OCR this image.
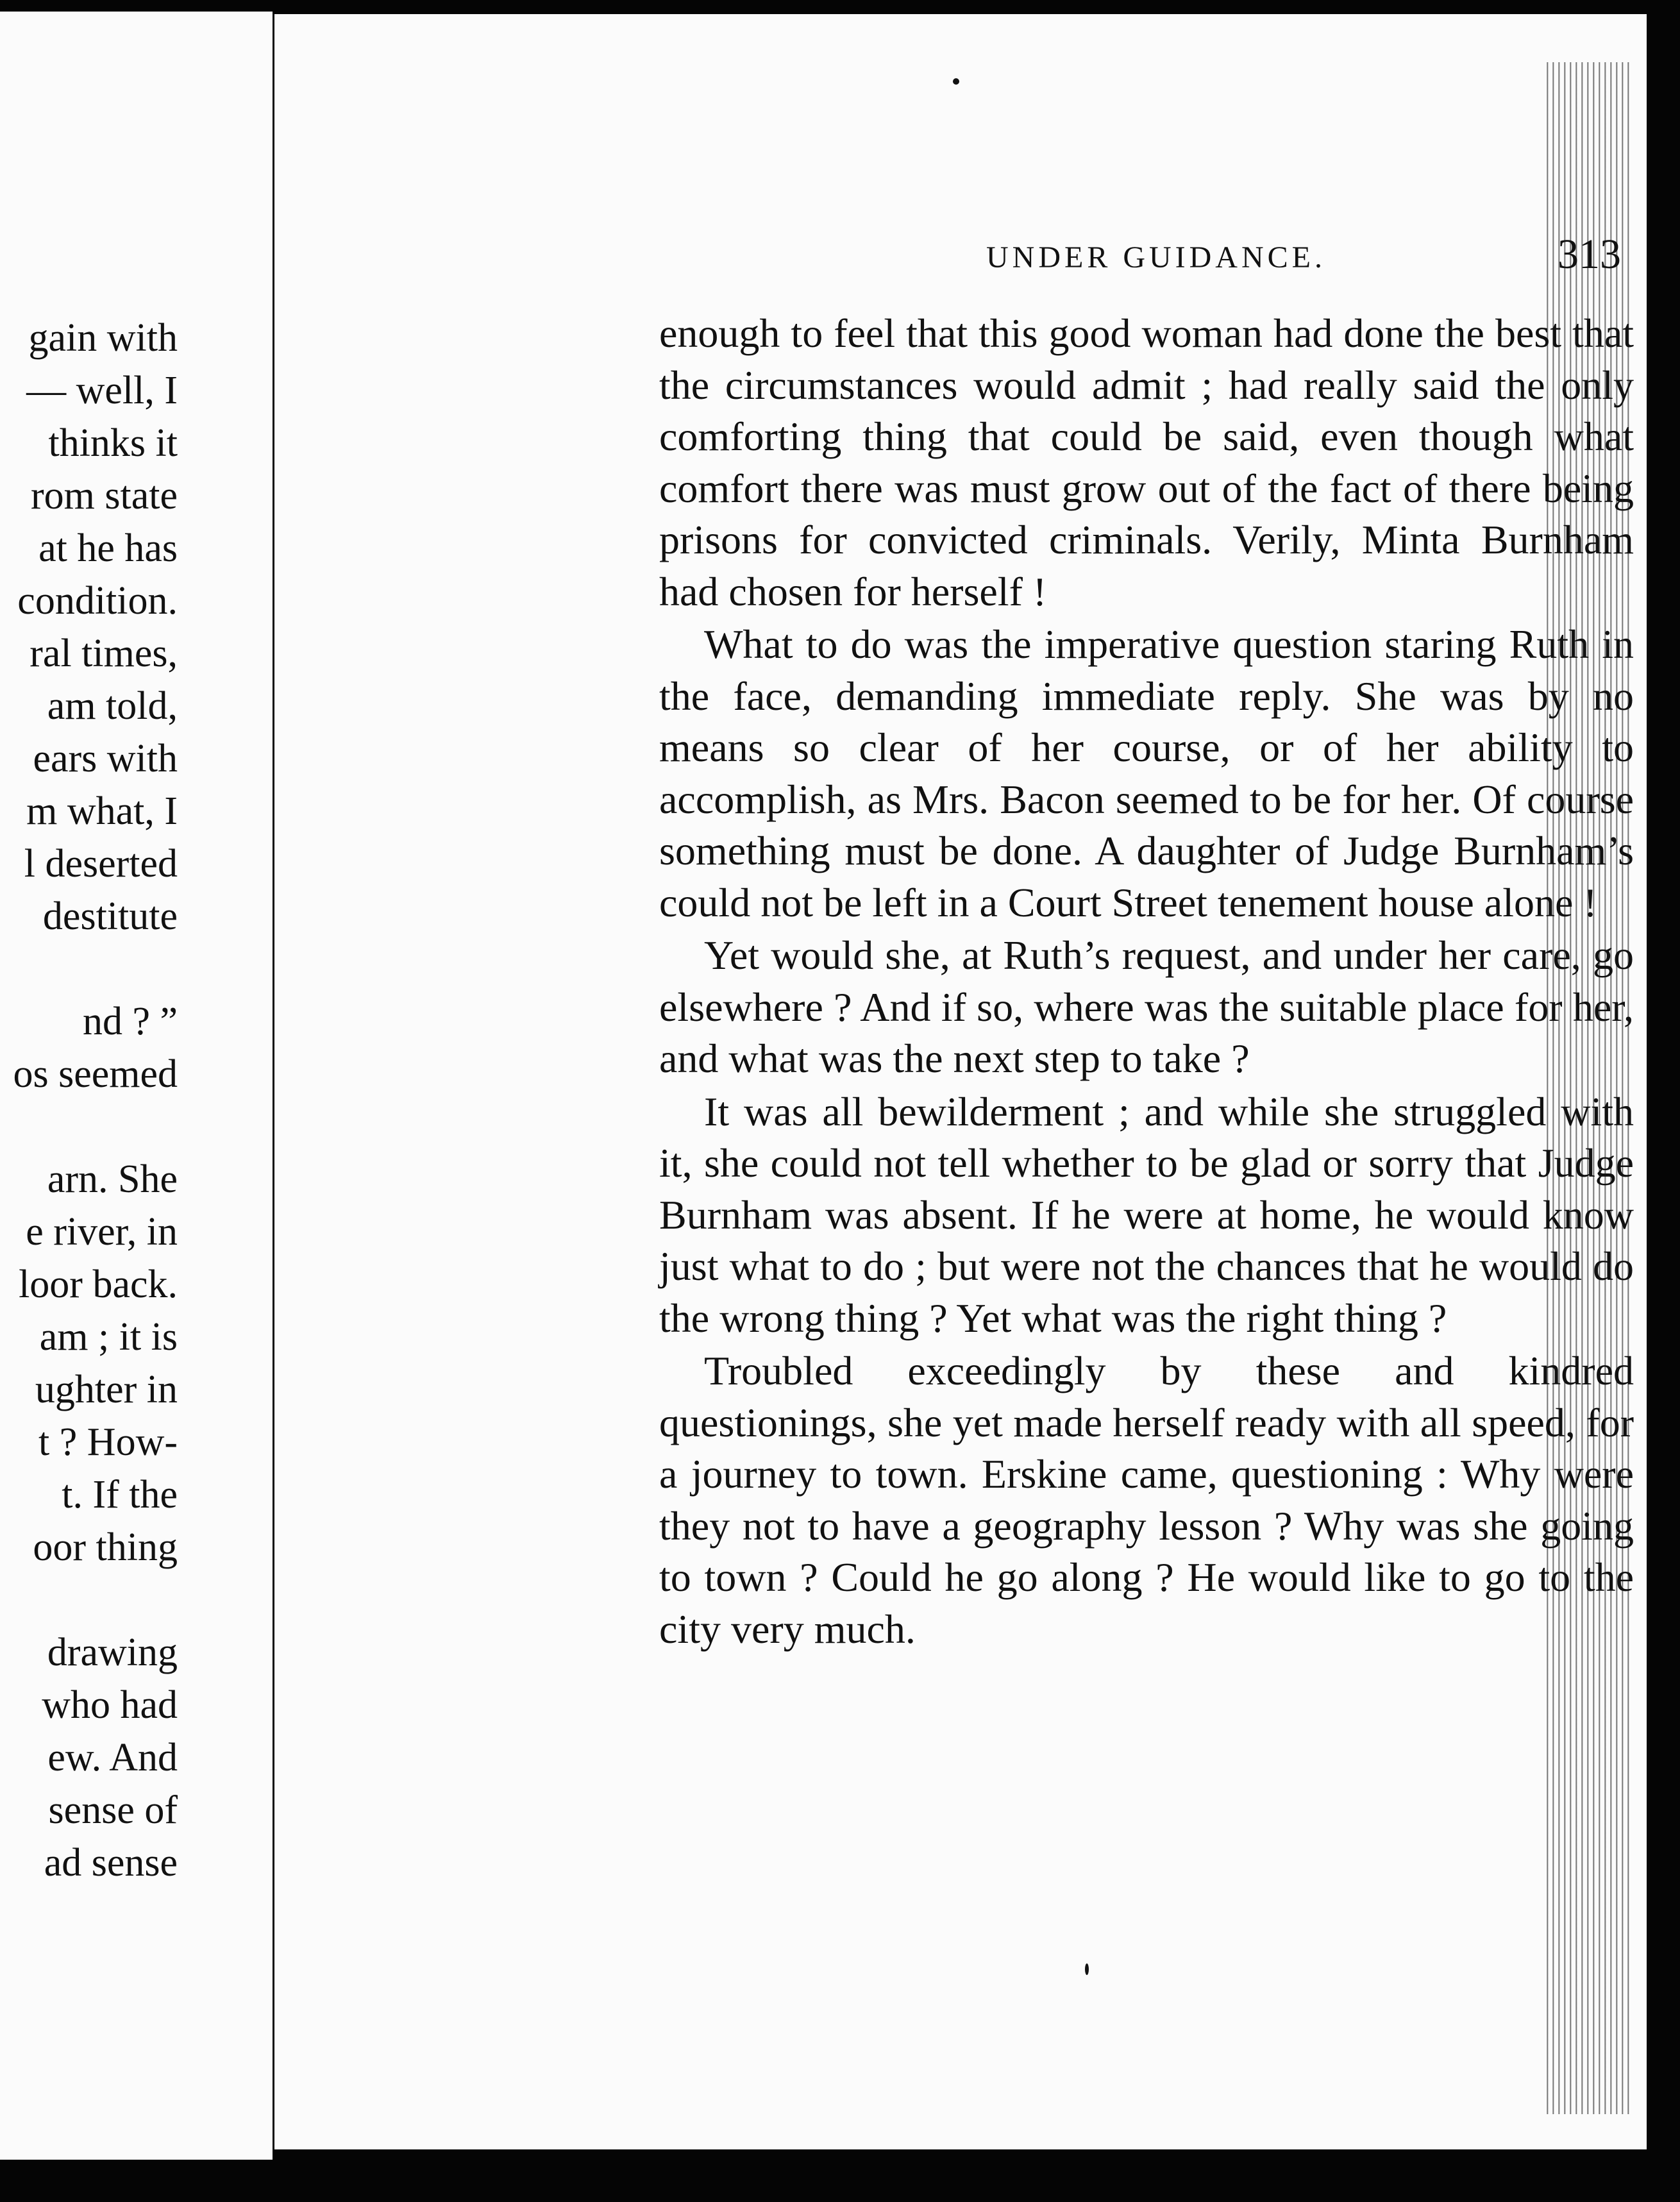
gain with
— well, I
thinks it
rom state
at he has
condition.
ral times,
am told,
ears with
m what, I
l deserted
destitute
nd ? ”
os seemed
arn. She
e river, in
loor back.
am ; it is
ughter in
t ? How-
t. If the
oor thing
drawing
who had
ew. And
sense of
ad sense
UNDER GUIDANCE.	313

enough to feel that this good woman had done the best that the circumstances would admit ; had really said the only comforting thing that could be said, even though what comfort there was must grow out of the fact of there being prisons for convicted criminals. Verily, Minta Burnham had chosen for herself !

What to do was the imperative question staring Ruth in the face, demanding immediate reply. She was by no means so clear of her course, or of her ability to accomplish, as Mrs. Bacon seemed to be for her. Of course something must be done. A daughter of Judge Burnham’s could not be left in a Court Street tenement house alone !

Yet would she, at Ruth’s request, and under her care, go elsewhere ? And if so, where was the suitable place for her, and what was the next step to take ?

It was all bewilderment ; and while she struggled with it, she could not tell whether to be glad or sorry that Judge Burnham was absent. If he were at home, he would know just what to do ; but were not the chances that he would do the wrong thing ? Yet what was the right thing ?

Troubled exceedingly by these and kindred questionings, she yet made herself ready with all speed, for a journey to town. Erskine came, questioning : Why were they not to have a geography lesson ? Why was she going to town ? Could he go along ? He would like to go to the city very much.
